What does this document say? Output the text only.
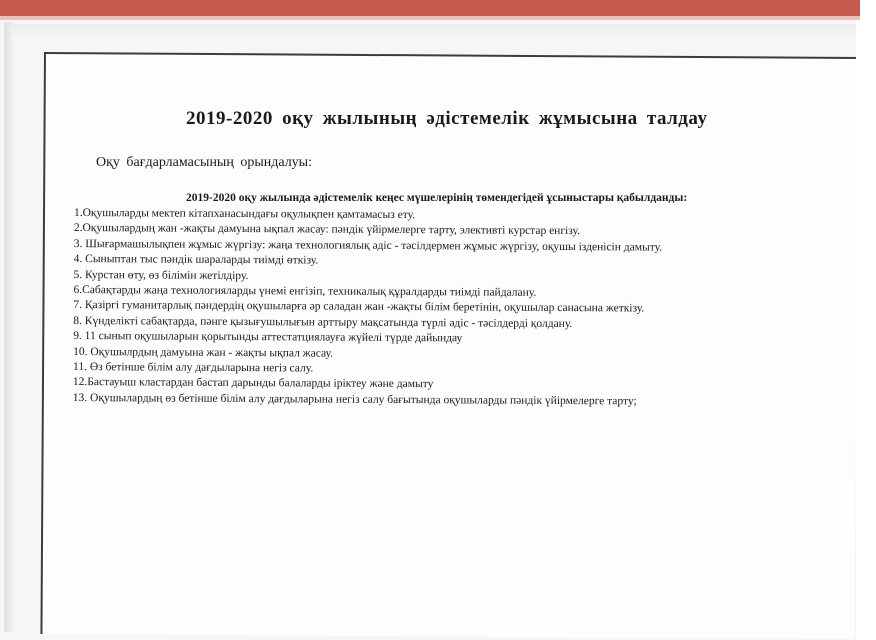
2019-2020 оқу жылының әдістемелік жұмысына талдау
Оқу бағдарламасының орындалуы:
2019-2020 оқу жылында әдістемелік кеңес мүшелерінің төмендегідей ұсыныстары қабылданды:
1.Оқушыларды мектеп кітапханасындағы оқулықпен қамтамасыз ету.
2.Оқушылардың жан -жақты дамуына ықпал жасау: пәндік үйірмелерге тарту, элективті курстар енгізу.
3. Шығармашылықпен жұмыс жүргізу: жаңа технологиялық әдіс - тәсілдермен жұмыс жүргізу, оқушы ізденісін дамыту.
4. Сыныптан тыс пәндік шараларды тиімді өткізу.
5. Курстан өту, өз білімін жетілдіру.
6.Сабақтарды жаңа технологияларды үнемі енгізіп, техникалық құралдарды тиімді пайдалану.
7. Қазіргі гуманитарлық пәндердің оқушыларға әр саладан жан -жақты білім беретінін, оқушылар санасына жеткізу.
8. Күнделікті сабақтарда, пәнге қызығушылығын арттыру мақсатында түрлі әдіс - тәсілдерді қолдану.
9. 11 сынып оқушыларын қорытынды аттестатциялауға жүйелі түрде дайындау
10. Оқушылрдың дамуына жан - жақты ықпал жасау.
11. Өз бетінше білім алу дағдыларына негіз салу.
12.Бастауыш кластардан бастап дарынды балаларды іріктеу және дамыту
13. Оқушылардың өз бетінше білім алу дағдыларына негіз салу бағытында оқушыларды пәндік үйірмелерге тарту;
